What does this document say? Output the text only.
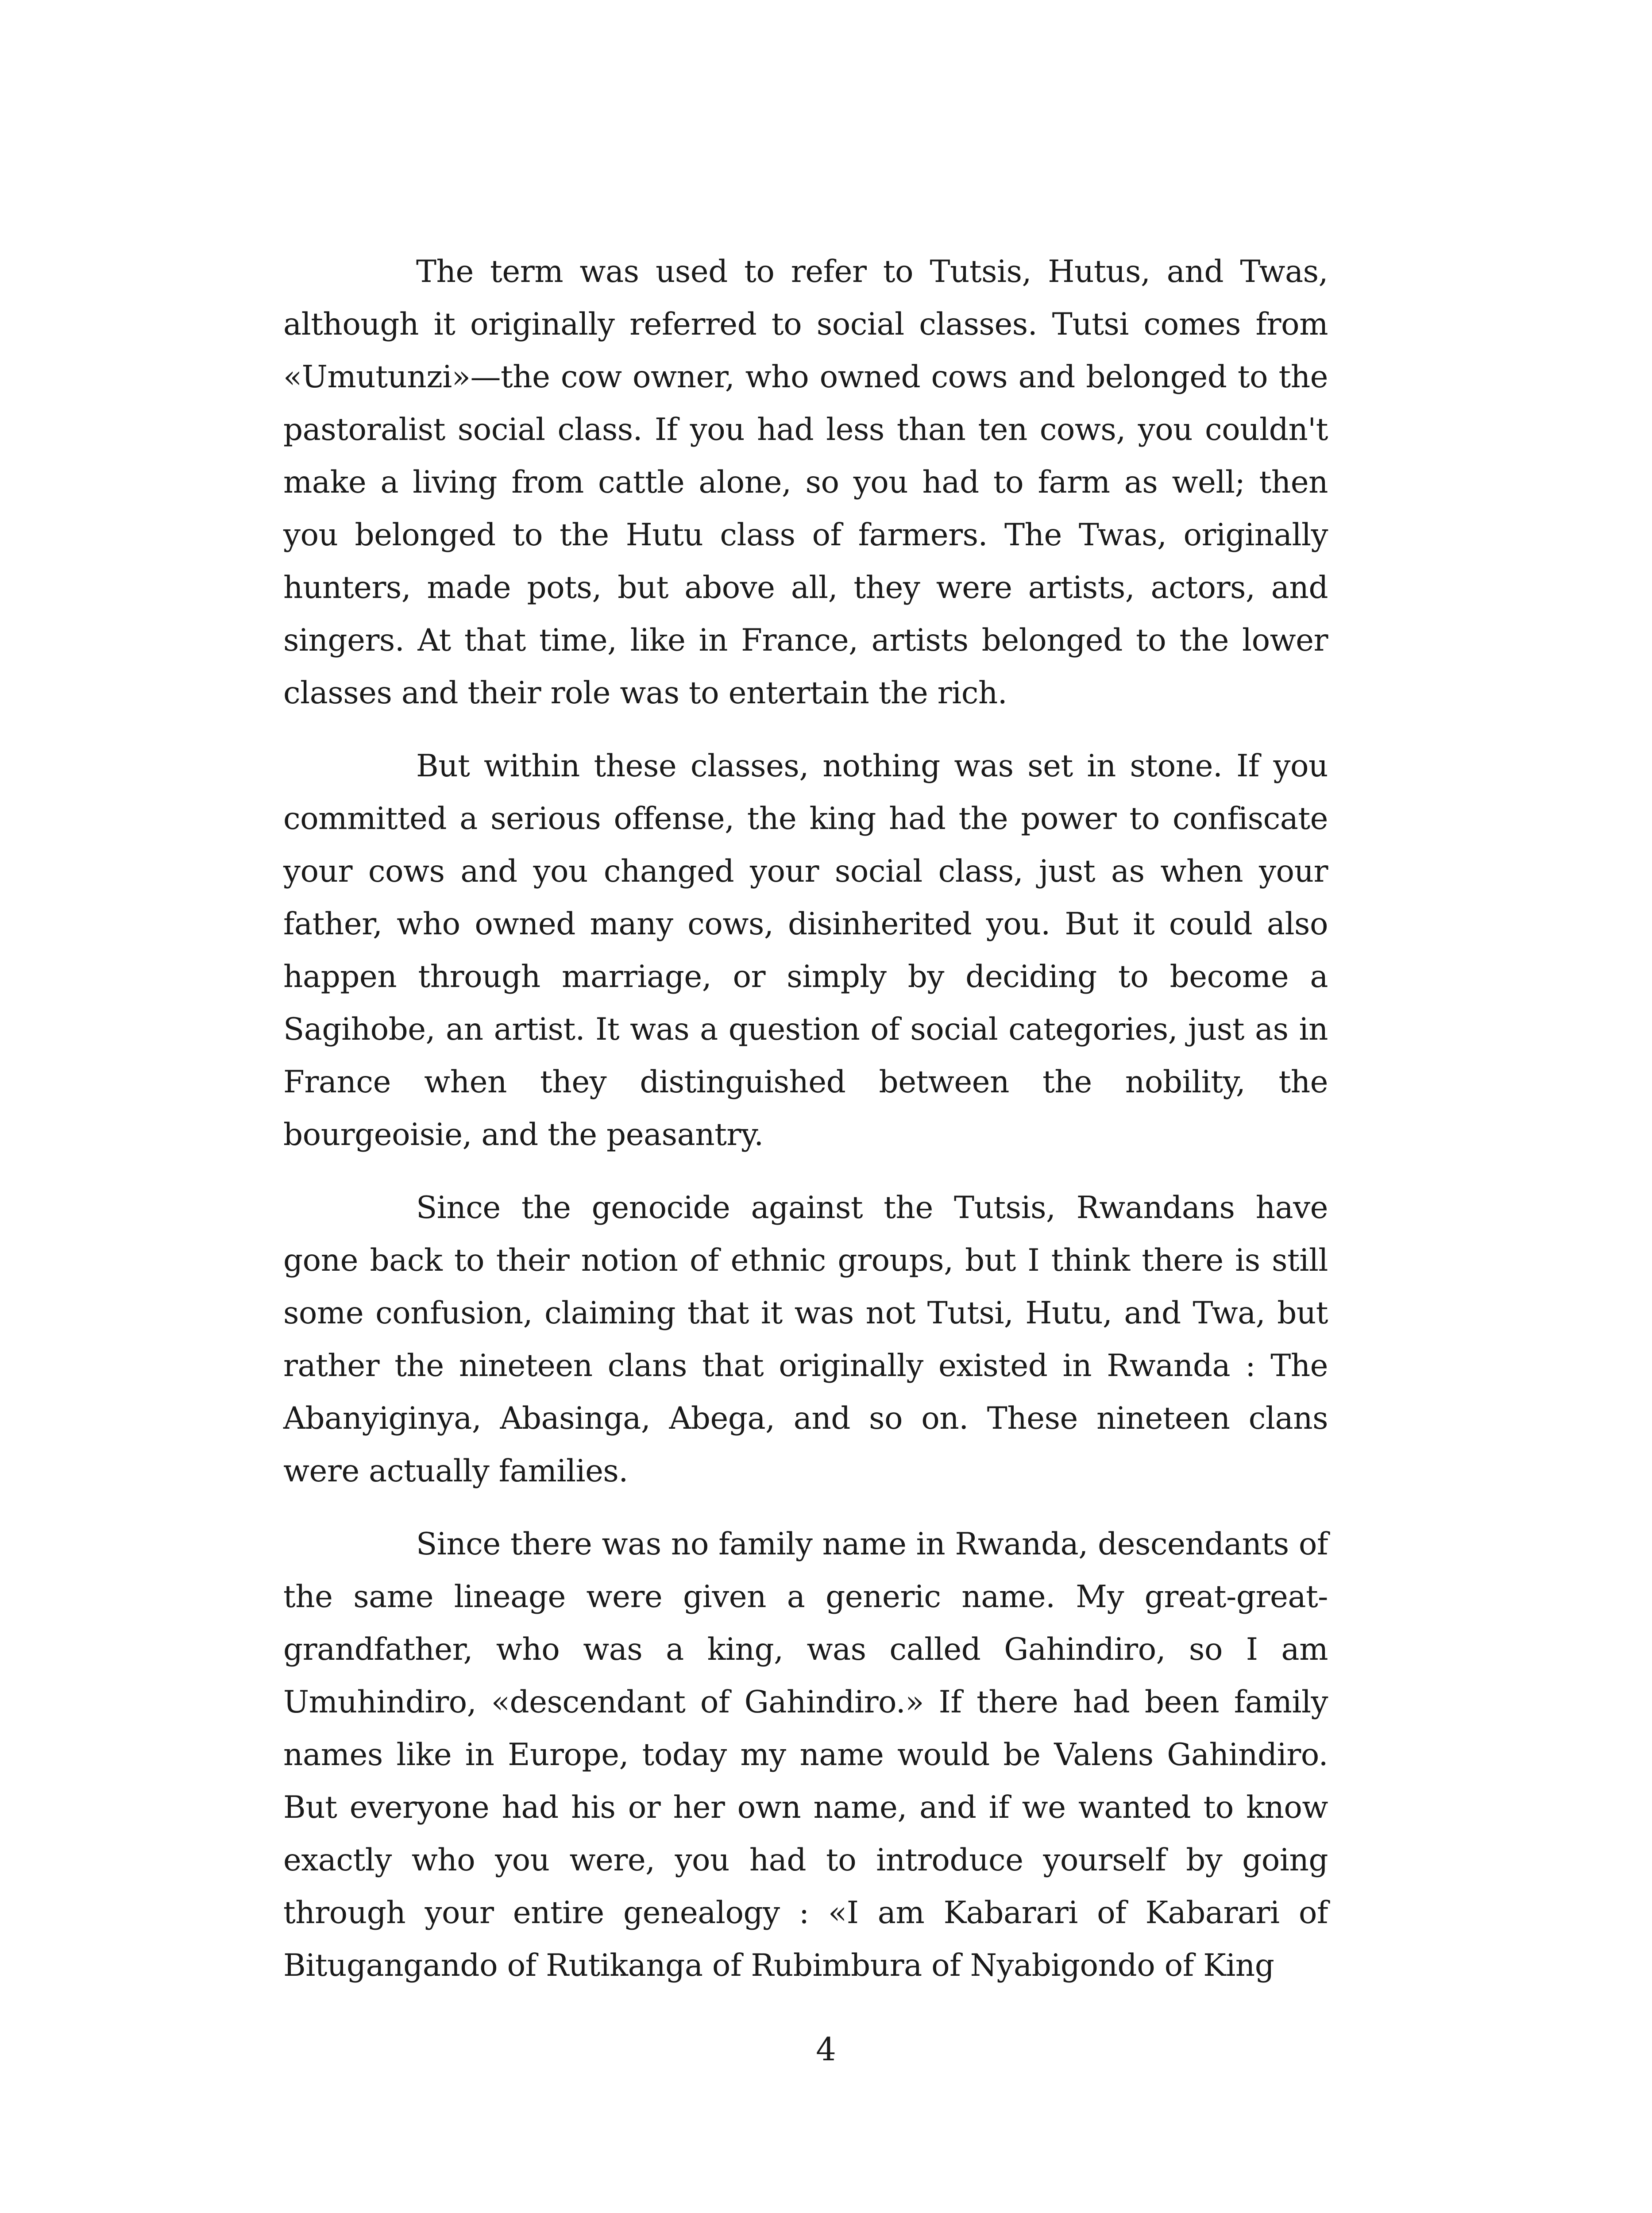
The term was used to refer to Tutsis, Hutus, and Twas, although it originally referred to social classes. Tutsi comes from «Umutunzi»—the cow owner, who owned cows and belonged to the pastoralist social class. If you had less than ten cows, you couldn't make a living from cattle alone, so you had to farm as well; then you belonged to the Hutu class of farmers. The Twas, originally hunters, made pots, but above all, they were artists, actors, and singers. At that time, like in France, artists belonged to the lower classes and their role was to entertain the rich.

But within these classes, nothing was set in stone. If you committed a serious offense, the king had the power to confiscate your cows and you changed your social class, just as when your father, who owned many cows, disinherited you. But it could also happen through marriage, or simply by deciding to become a Sagihobe, an artist. It was a question of social categories, just as in France when they distinguished between the nobility, the bourgeoisie, and the peasantry.

Since the genocide against the Tutsis, Rwandans have gone back to their notion of ethnic groups, but I think there is still some confusion, claiming that it was not Tutsi, Hutu, and Twa, but rather the nineteen clans that originally existed in Rwanda : The Abanyiginya, Abasinga, Abega, and so on. These nineteen clans were actually families.

Since there was no family name in Rwanda, descendants of the same lineage were given a generic name. My great-great-grandfather, who was a king, was called Gahindiro, so I am Umuhindiro, «descendant of Gahindiro.» If there had been family names like in Europe, today my name would be Valens Gahindiro. But everyone had his or her own name, and if we wanted to know exactly who you were, you had to introduce yourself by going through your entire genealogy : «I am Kabarari of Kabarari of Bitugangando of Rutikanga of Rubimbura of Nyabigondo of King

4
